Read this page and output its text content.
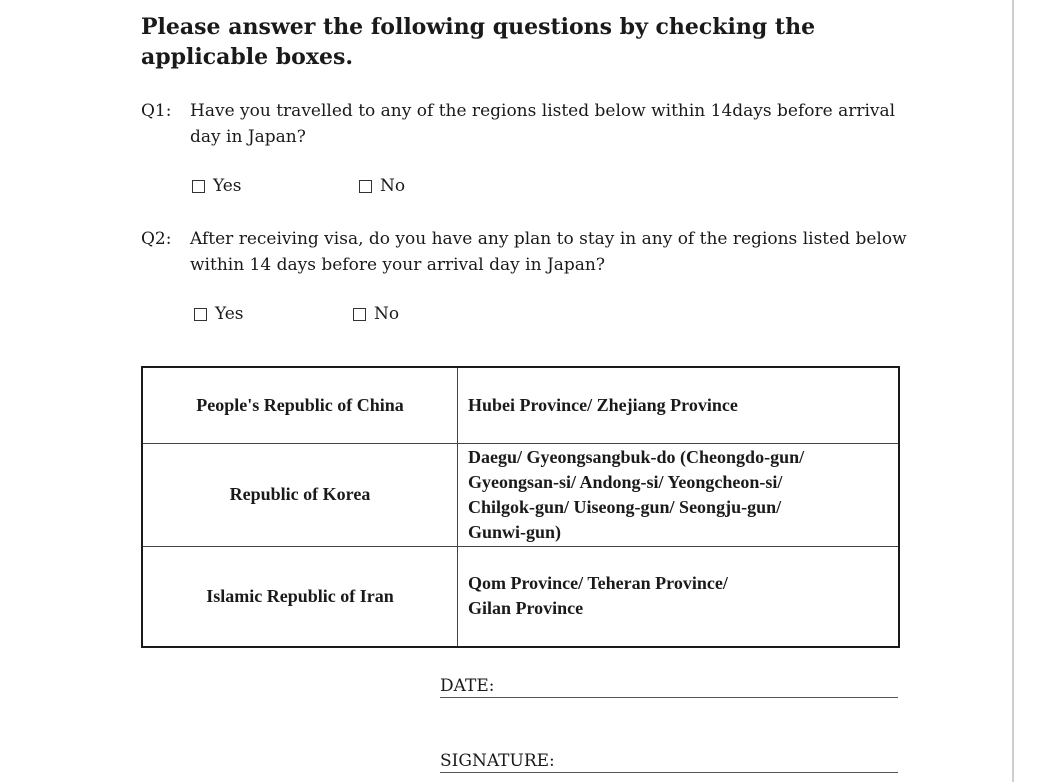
Please answer the following questions by checking the applicable boxes.

Q1: Have you travelled to any of the regions listed below within 14days before arrival day in Japan?
Yes	No
Q2: After receiving visa, do you have any plan to stay in any of the regions listed below within 14 days before your arrival day in Japan?
Yes	No
People's Republic of China	Hubei Province/ Zhejiang Province

Republic of Korea	Daegu/ Gyeongsangbuk-do (Cheongdo-gun/
Gyeongsan-si/ Andong-si/ Yeongcheon-si/
Chilgok-gun/ Uiseong-gun/ Seongju-gun/
Gunwi-gun)

Islamic Republic of Iran	Qom Province/ Teheran Province/
Gilan Province
DATE:
SIGNATURE:
